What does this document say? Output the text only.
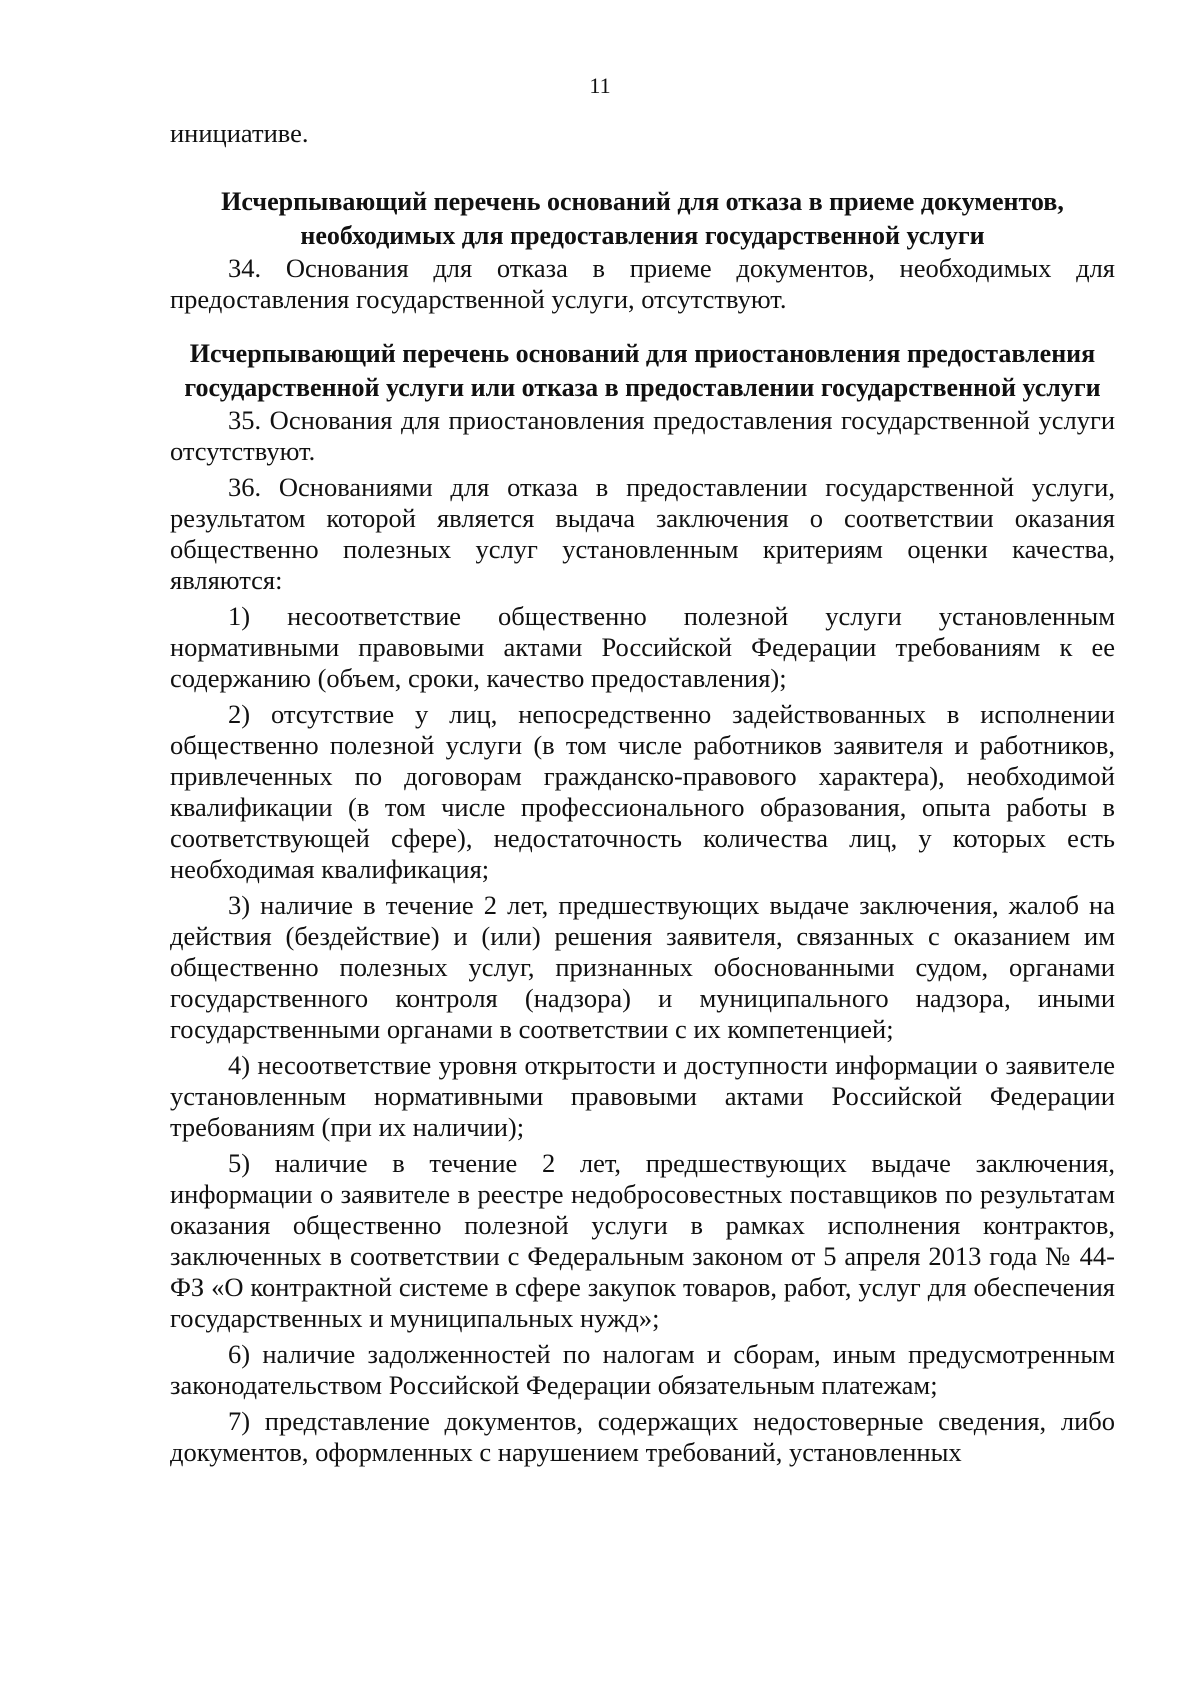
11

инициативе.

Исчерпывающий перечень оснований для отказа в приеме документов, необходимых для предоставления государственной услуги

34. Основания для отказа в приеме документов, необходимых для предоставления государственной услуги, отсутствуют.

Исчерпывающий перечень оснований для приостановления предоставления государственной услуги или отказа в предоставлении государственной услуги

35. Основания для приостановления предоставления государственной услуги отсутствуют.

36. Основаниями для отказа в предоставлении государственной услуги, результатом которой является выдача заключения о соответствии оказания общественно полезных услуг установленным критериям оценки качества, являются:

1) несоответствие общественно полезной услуги установленным нормативными правовыми актами Российской Федерации требованиям к ее содержанию (объем, сроки, качество предоставления);

2) отсутствие у лиц, непосредственно задействованных в исполнении общественно полезной услуги (в том числе работников заявителя и работников, привлеченных по договорам гражданско-правового характера), необходимой квалификации (в том числе профессионального образования, опыта работы в соответствующей сфере), недостаточность количества лиц, у которых есть необходимая квалификация;

3) наличие в течение 2 лет, предшествующих выдаче заключения, жалоб на действия (бездействие) и (или) решения заявителя, связанных с оказанием им общественно полезных услуг, признанных обоснованными судом, органами государственного контроля (надзора) и муниципального надзора, иными государственными органами в соответствии с их компетенцией;

4) несоответствие уровня открытости и доступности информации о заявителе установленным нормативными правовыми актами Российской Федерации требованиям (при их наличии);

5) наличие в течение 2 лет, предшествующих выдаче заключения, информации о заявителе в реестре недобросовестных поставщиков по результатам оказания общественно полезной услуги в рамках исполнения контрактов, заключенных в соответствии с Федеральным законом от 5 апреля 2013 года № 44-ФЗ «О контрактной системе в сфере закупок товаров, работ, услуг для обеспечения государственных и муниципальных нужд»;

6) наличие задолженностей по налогам и сборам, иным предусмотренным законодательством Российской Федерации обязательным платежам;

7) представление документов, содержащих недостоверные сведения, либо документов, оформленных с нарушением требований, установленных
